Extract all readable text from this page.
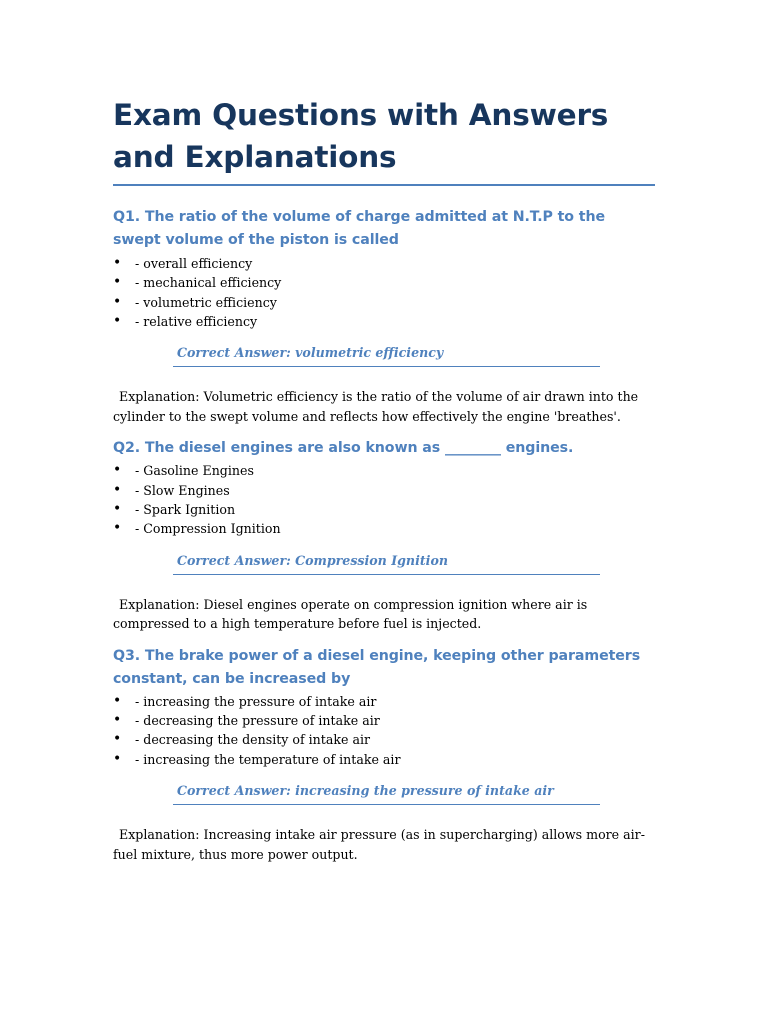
Exam Questions with Answers and Explanations
Q1. The ratio of the volume of charge admitted at N.T.P to the swept volume of the piston is called
• - overall efficiency
• - mechanical efficiency
• - volumetric efficiency
• - relative efficiency
Correct Answer: volumetric efficiency

Explanation: Volumetric efficiency is the ratio of the volume of air drawn into the cylinder to the swept volume and reflects how effectively the engine 'breathes'.

Q2. The diesel engines are also known as ________ engines.
• - Gasoline Engines
• - Slow Engines
• - Spark Ignition
• - Compression Ignition
Correct Answer: Compression Ignition

Explanation: Diesel engines operate on compression ignition where air is compressed to a high temperature before fuel is injected.

Q3. The brake power of a diesel engine, keeping other parameters constant, can be increased by
• - increasing the pressure of intake air
• - decreasing the pressure of intake air
• - decreasing the density of intake air
• - increasing the temperature of intake air
Correct Answer: increasing the pressure of intake air

Explanation: Increasing intake air pressure (as in supercharging) allows more air-fuel mixture, thus more power output.
